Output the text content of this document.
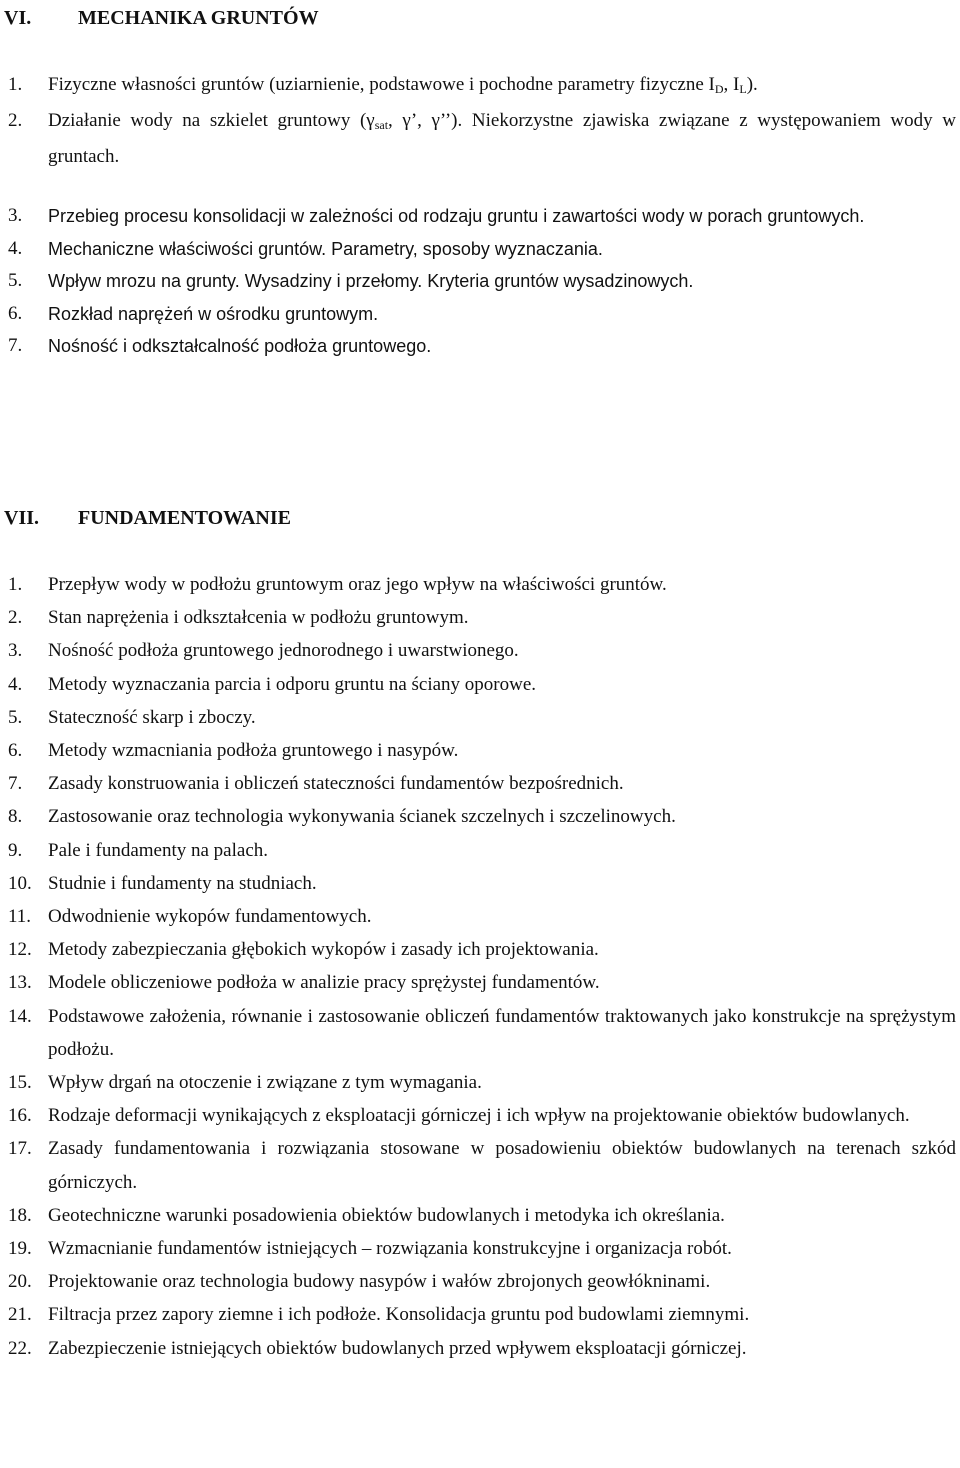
VI. MECHANIKA GRUNTÓW
1.	Fizyczne własności gruntów (uziarnienie, podstawowe i pochodne parametry fizyczne $I_D$, $I_L$).
2.	Działanie wody na szkielet gruntowy ($\gamma_{sat}$, γ’, γ’’). Niekorzystne zjawiska związane z występowaniem wody w gruntach.
3.	Przebieg procesu konsolidacji w zależności od rodzaju gruntu i zawartości wody w porach gruntowych.
4.	Mechaniczne właściwości gruntów. Parametry, sposoby wyznaczania.
5.	Wpływ mrozu na grunty. Wysadziny i przełomy. Kryteria gruntów wysadzinowych.
6.	Rozkład naprężeń w ośrodku gruntowym.
7.	Nośność i odkształcalność podłoża gruntowego.
VII. FUNDAMENTOWANIE
1.	Przepływ wody w podłożu gruntowym oraz jego wpływ na właściwości gruntów.
2.	Stan naprężenia i odkształcenia w podłożu gruntowym.
3.	Nośność podłoża gruntowego jednorodnego i uwarstwionego.
4.	Metody wyznaczania parcia i odporu gruntu na ściany oporowe.
5.	Stateczność skarp i zboczy.
6.	Metody wzmacniania podłoża gruntowego i nasypów.
7.	Zasady konstruowania i obliczeń stateczności fundamentów bezpośrednich.
8.	Zastosowanie oraz technologia wykonywania ścianek szczelnych i szczelinowych.
9.	Pale i fundamenty na palach.
10. Studnie i fundamenty na studniach.
11. Odwodnienie wykopów fundamentowych.
12. Metody zabezpieczania głębokich wykopów i zasady ich projektowania.
13. Modele obliczeniowe podłoża w analizie pracy sprężystej fundamentów.
14. Podstawowe założenia, równanie i zastosowanie obliczeń fundamentów traktowanych jako konstrukcje na sprężystym podłożu.
15. Wpływ drgań na otoczenie i związane z tym wymagania.
16. Rodzaje deformacji wynikających z eksploatacji górniczej i ich wpływ na projektowanie obiektów budowlanych.
17. Zasady fundamentowania i rozwiązania stosowane w posadowieniu obiektów budowlanych na terenach szkód górniczych.
18. Geotechniczne warunki posadowienia obiektów budowlanych i metodyka ich określania.
19. Wzmacnianie fundamentów istniejących – rozwiązania konstrukcyjne i organizacja robót.
20. Projektowanie oraz technologia budowy nasypów i wałów zbrojonych geowłókninami.
21. Filtracja przez zapory ziemne i ich podłoże. Konsolidacja gruntu pod budowlami ziemnymi.
22. Zabezpieczenie istniejących obiektów budowlanych przed wpływem eksploatacji górniczej.
